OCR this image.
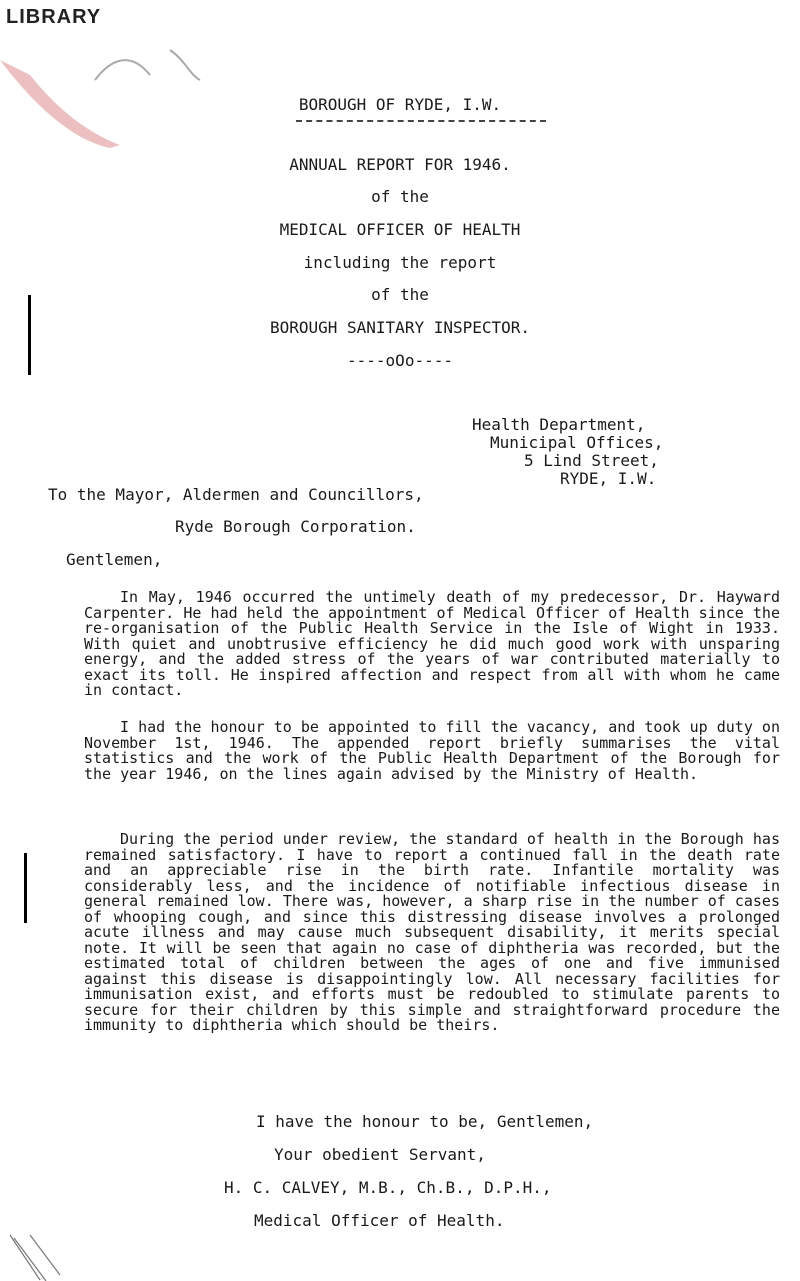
LIBRARY
BOROUGH OF RYDE, I.W.
ANNUAL REPORT FOR 1946.
of the
MEDICAL OFFICER OF HEALTH
including the report
of the
BOROUGH SANITARY INSPECTOR.
----oOo----
Health Department,
Municipal Offices,
5 Lind Street,
RYDE, I.W.
To the Mayor, Aldermen and Councillors,
Ryde Borough Corporation.
Gentlemen,

In May, 1946 occurred the untimely death of my predecessor, Dr. Hayward Carpenter. He had held the appointment of Medical Officer of Health since the re-organisation of the Public Health Service in the Isle of Wight in 1933. With quiet and unobtrusive efficiency he did much good work with unsparing energy, and the added stress of the years of war contributed materially to exact its toll. He inspired affection and respect from all with whom he came in contact.

I had the honour to be appointed to fill the vacancy, and took up duty on November 1st, 1946. The appended report briefly summarises the vital statistics and the work of the Public Health Department of the Borough for the year 1946, on the lines again advised by the Ministry of Health.

During the period under review, the standard of health in the Borough has remained satisfactory. I have to report a continued fall in the death rate and an appreciable rise in the birth rate. Infantile mortality was considerably less, and the incidence of notifiable infectious disease in general remained low. There was, however, a sharp rise in the number of cases of whooping cough, and since this distressing disease involves a prolonged acute illness and may cause much subsequent disability, it merits special note. It will be seen that again no case of diphtheria was recorded, but the estimated total of children between the ages of one and five immunised against this disease is disappointingly low. All necessary facilities for immunisation exist, and efforts must be redoubled to stimulate parents to secure for their children by this simple and straightforward procedure the immunity to diphtheria which should be theirs.

I have the honour to be, Gentlemen,
Your obedient Servant,
H. C. CALVEY, M.B., Ch.B., D.P.H.,
Medical Officer of Health.
